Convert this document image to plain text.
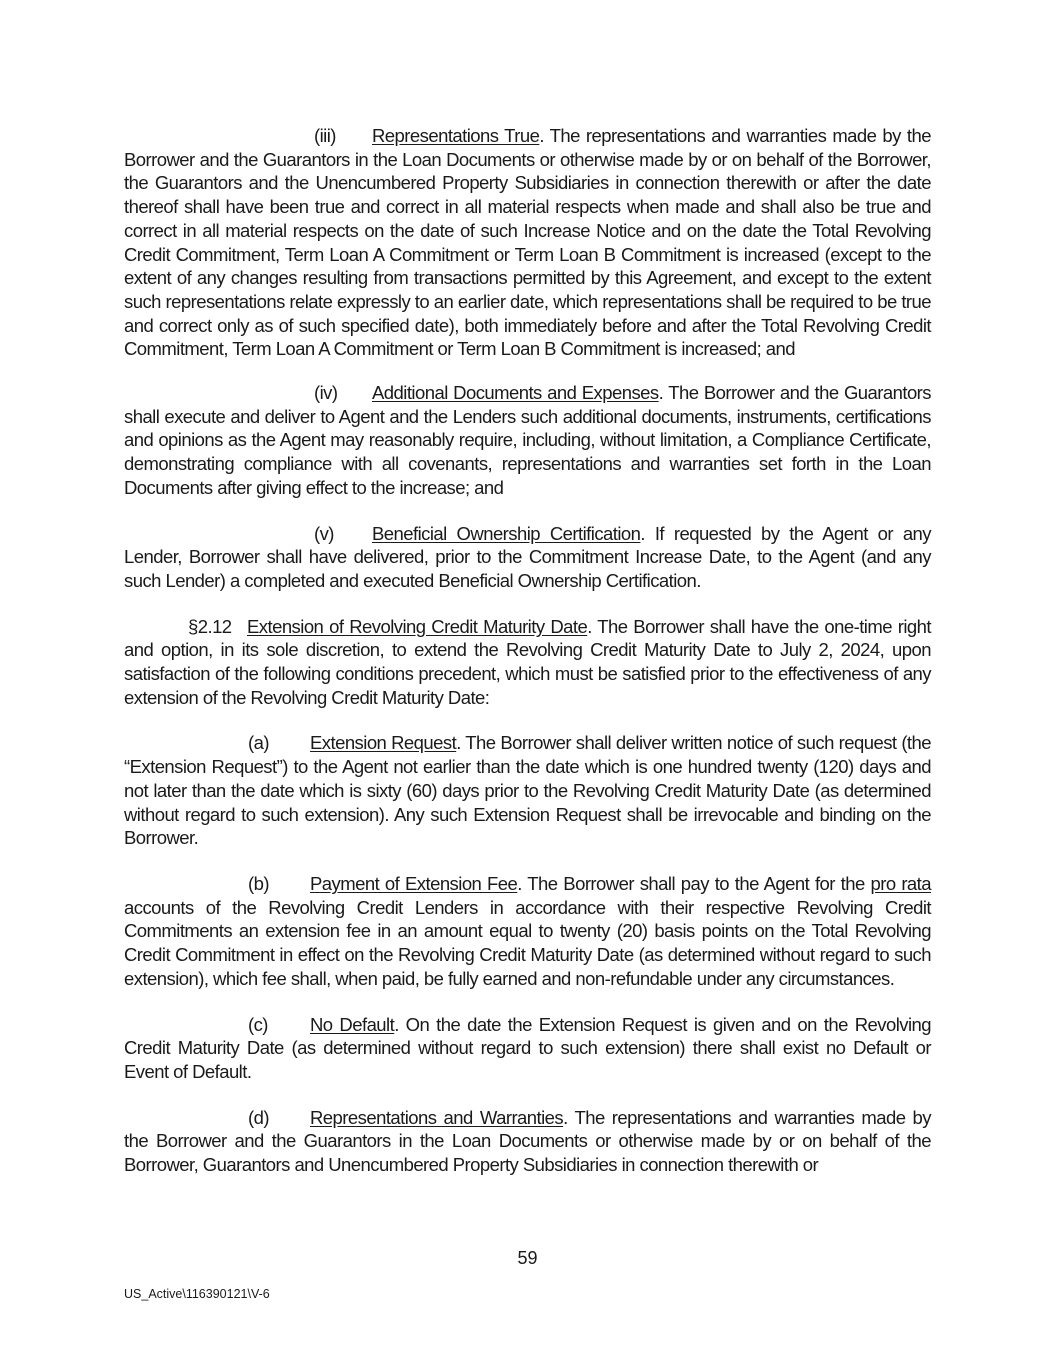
(iii) Representations True. The representations and warranties made by the Borrower and the Guarantors in the Loan Documents or otherwise made by or on behalf of the Borrower, the Guarantors and the Unencumbered Property Subsidiaries in connection therewith or after the date thereof shall have been true and correct in all material respects when made and shall also be true and correct in all material respects on the date of such Increase Notice and on the date the Total Revolving Credit Commitment, Term Loan A Commitment or Term Loan B Commitment is increased (except to the extent of any changes resulting from transactions permitted by this Agreement, and except to the extent such representations relate expressly to an earlier date, which representations shall be required to be true and correct only as of such specified date), both immediately before and after the Total Revolving Credit Commitment, Term Loan A Commitment or Term Loan B Commitment is increased; and

(iv) Additional Documents and Expenses. The Borrower and the Guarantors shall execute and deliver to Agent and the Lenders such additional documents, instruments, certifications and opinions as the Agent may reasonably require, including, without limitation, a Compliance Certificate, demonstrating compliance with all covenants, representations and warranties set forth in the Loan Documents after giving effect to the increase; and

(v) Beneficial Ownership Certification. If requested by the Agent or any Lender, Borrower shall have delivered, prior to the Commitment Increase Date, to the Agent (and any such Lender) a completed and executed Beneficial Ownership Certification.

§2.12 Extension of Revolving Credit Maturity Date. The Borrower shall have the one-time right and option, in its sole discretion, to extend the Revolving Credit Maturity Date to July 2, 2024, upon satisfaction of the following conditions precedent, which must be satisfied prior to the effectiveness of any extension of the Revolving Credit Maturity Date:

(a) Extension Request. The Borrower shall deliver written notice of such request (the “Extension Request”) to the Agent not earlier than the date which is one hundred twenty (120) days and not later than the date which is sixty (60) days prior to the Revolving Credit Maturity Date (as determined without regard to such extension). Any such Extension Request shall be irrevocable and binding on the Borrower.

(b) Payment of Extension Fee. The Borrower shall pay to the Agent for the pro rata accounts of the Revolving Credit Lenders in accordance with their respective Revolving Credit Commitments an extension fee in an amount equal to twenty (20) basis points on the Total Revolving Credit Commitment in effect on the Revolving Credit Maturity Date (as determined without regard to such extension), which fee shall, when paid, be fully earned and non-refundable under any circumstances.

(c) No Default. On the date the Extension Request is given and on the Revolving Credit Maturity Date (as determined without regard to such extension) there shall exist no Default or Event of Default.

(d) Representations and Warranties. The representations and warranties made by the Borrower and the Guarantors in the Loan Documents or otherwise made by or on behalf of the Borrower, Guarantors and Unencumbered Property Subsidiaries in connection therewith or

59
US_Active\116390121\V-6
